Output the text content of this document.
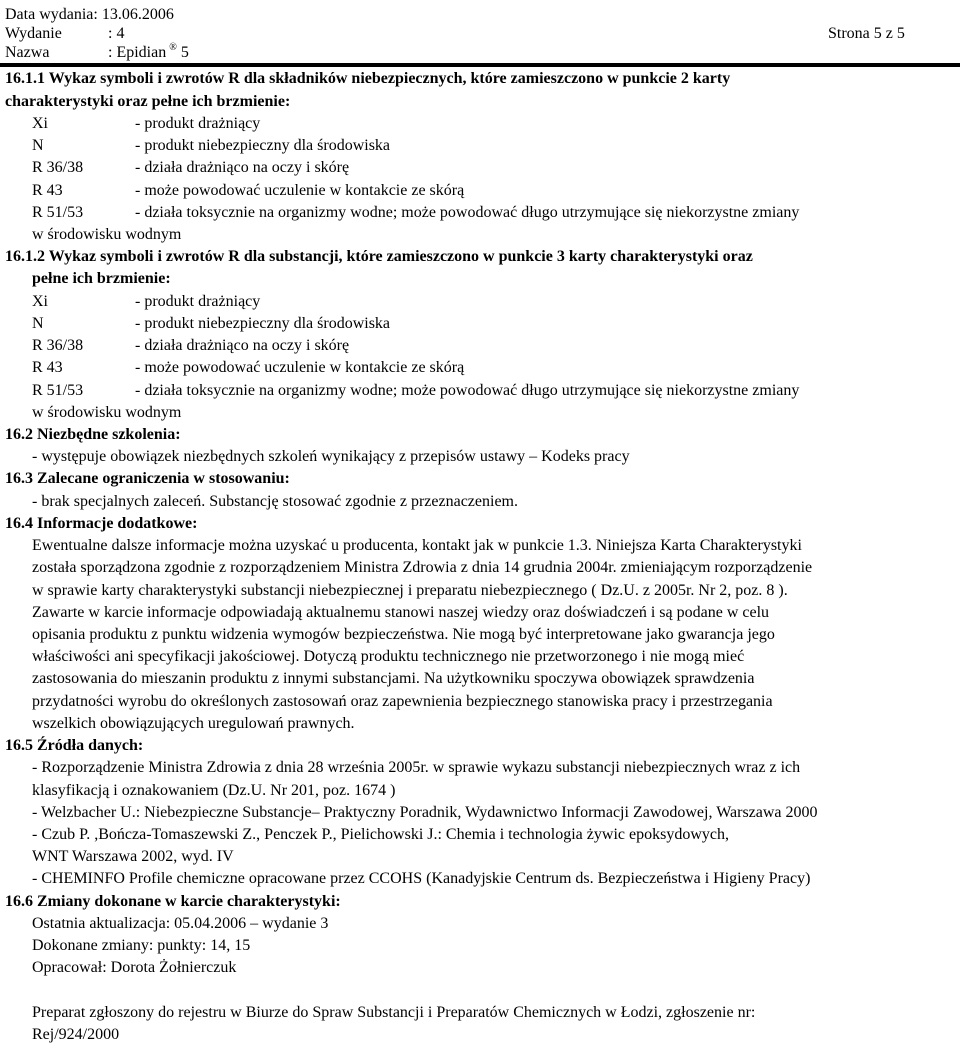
Data wydania: 13.06.2006
Wydanie	: 4	Strona 5 z 5
Nazwa	: Epidian ® 5
16.1.1 Wykaz symboli i zwrotów R dla składników niebezpiecznych, które zamieszczono w punkcie 2 karty
charakterystyki oraz pełne ich brzmienie:
Xi	- produkt drażniący
N	- produkt niebezpieczny dla środowiska
R 36/38	- działa drażniąco na oczy i skórę
R 43	- może powodować uczulenie w kontakcie ze skórą
R 51/53	- działa toksycznie na organizmy wodne; może powodować długo utrzymujące się niekorzystne zmiany
w środowisku wodnym
16.1.2 Wykaz symboli i zwrotów R dla substancji, które zamieszczono w punkcie 3 karty charakterystyki oraz
pełne ich brzmienie:
Xi	- produkt drażniący
N	- produkt niebezpieczny dla środowiska
R 36/38	- działa drażniąco na oczy i skórę
R 43	- może powodować uczulenie w kontakcie ze skórą
R 51/53	- działa toksycznie na organizmy wodne; może powodować długo utrzymujące się niekorzystne zmiany
w środowisku wodnym
16.2 Niezbędne szkolenia:
- występuje obowiązek niezbędnych szkoleń wynikający z przepisów ustawy – Kodeks pracy
16.3 Zalecane ograniczenia w stosowaniu:
- brak specjalnych zaleceń. Substancję stosować zgodnie z przeznaczeniem.
16.4 Informacje dodatkowe:
Ewentualne dalsze informacje można uzyskać u producenta, kontakt jak w punkcie 1.3. Niniejsza Karta Charakterystyki
została sporządzona zgodnie z rozporządzeniem Ministra Zdrowia z dnia 14 grudnia 2004r. zmieniającym rozporządzenie
w sprawie karty charakterystyki substancji niebezpiecznej i preparatu niebezpiecznego ( Dz.U. z 2005r. Nr 2, poz. 8 ).
Zawarte w karcie informacje odpowiadają aktualnemu stanowi naszej wiedzy oraz doświadczeń i są podane w celu
opisania produktu z punktu widzenia wymogów bezpieczeństwa. Nie mogą być interpretowane jako gwarancja jego
właściwości ani specyfikacji jakościowej. Dotyczą produktu technicznego nie przetworzonego i nie mogą mieć
zastosowania do mieszanin produktu z innymi substancjami. Na użytkowniku spoczywa obowiązek sprawdzenia
przydatności wyrobu do określonych zastosowań oraz zapewnienia bezpiecznego stanowiska pracy i przestrzegania
wszelkich obowiązujących uregulowań prawnych.
16.5 Źródła danych:
- Rozporządzenie Ministra Zdrowia z dnia 28 września 2005r. w sprawie wykazu substancji niebezpiecznych wraz z ich
klasyfikacją i oznakowaniem (Dz.U. Nr 201, poz. 1674 )
- Welzbacher U.: Niebezpieczne Substancje– Praktyczny Poradnik, Wydawnictwo Informacji Zawodowej, Warszawa 2000
- Czub P. ,Bończa-Tomaszewski Z., Penczek P., Pielichowski J.: Chemia i technologia żywic epoksydowych,
WNT Warszawa 2002, wyd. IV
- CHEMINFO Profile chemiczne opracowane przez CCOHS (Kanadyjskie Centrum ds. Bezpieczeństwa i Higieny Pracy)
16.6 Zmiany dokonane w karcie charakterystyki:
Ostatnia aktualizacja: 05.04.2006 – wydanie 3
Dokonane zmiany: punkty: 14, 15
Opracował: Dorota Żołnierczuk
Preparat zgłoszony do rejestru w Biurze do Spraw Substancji i Preparatów Chemicznych w Łodzi, zgłoszenie nr:
Rej/924/2000
